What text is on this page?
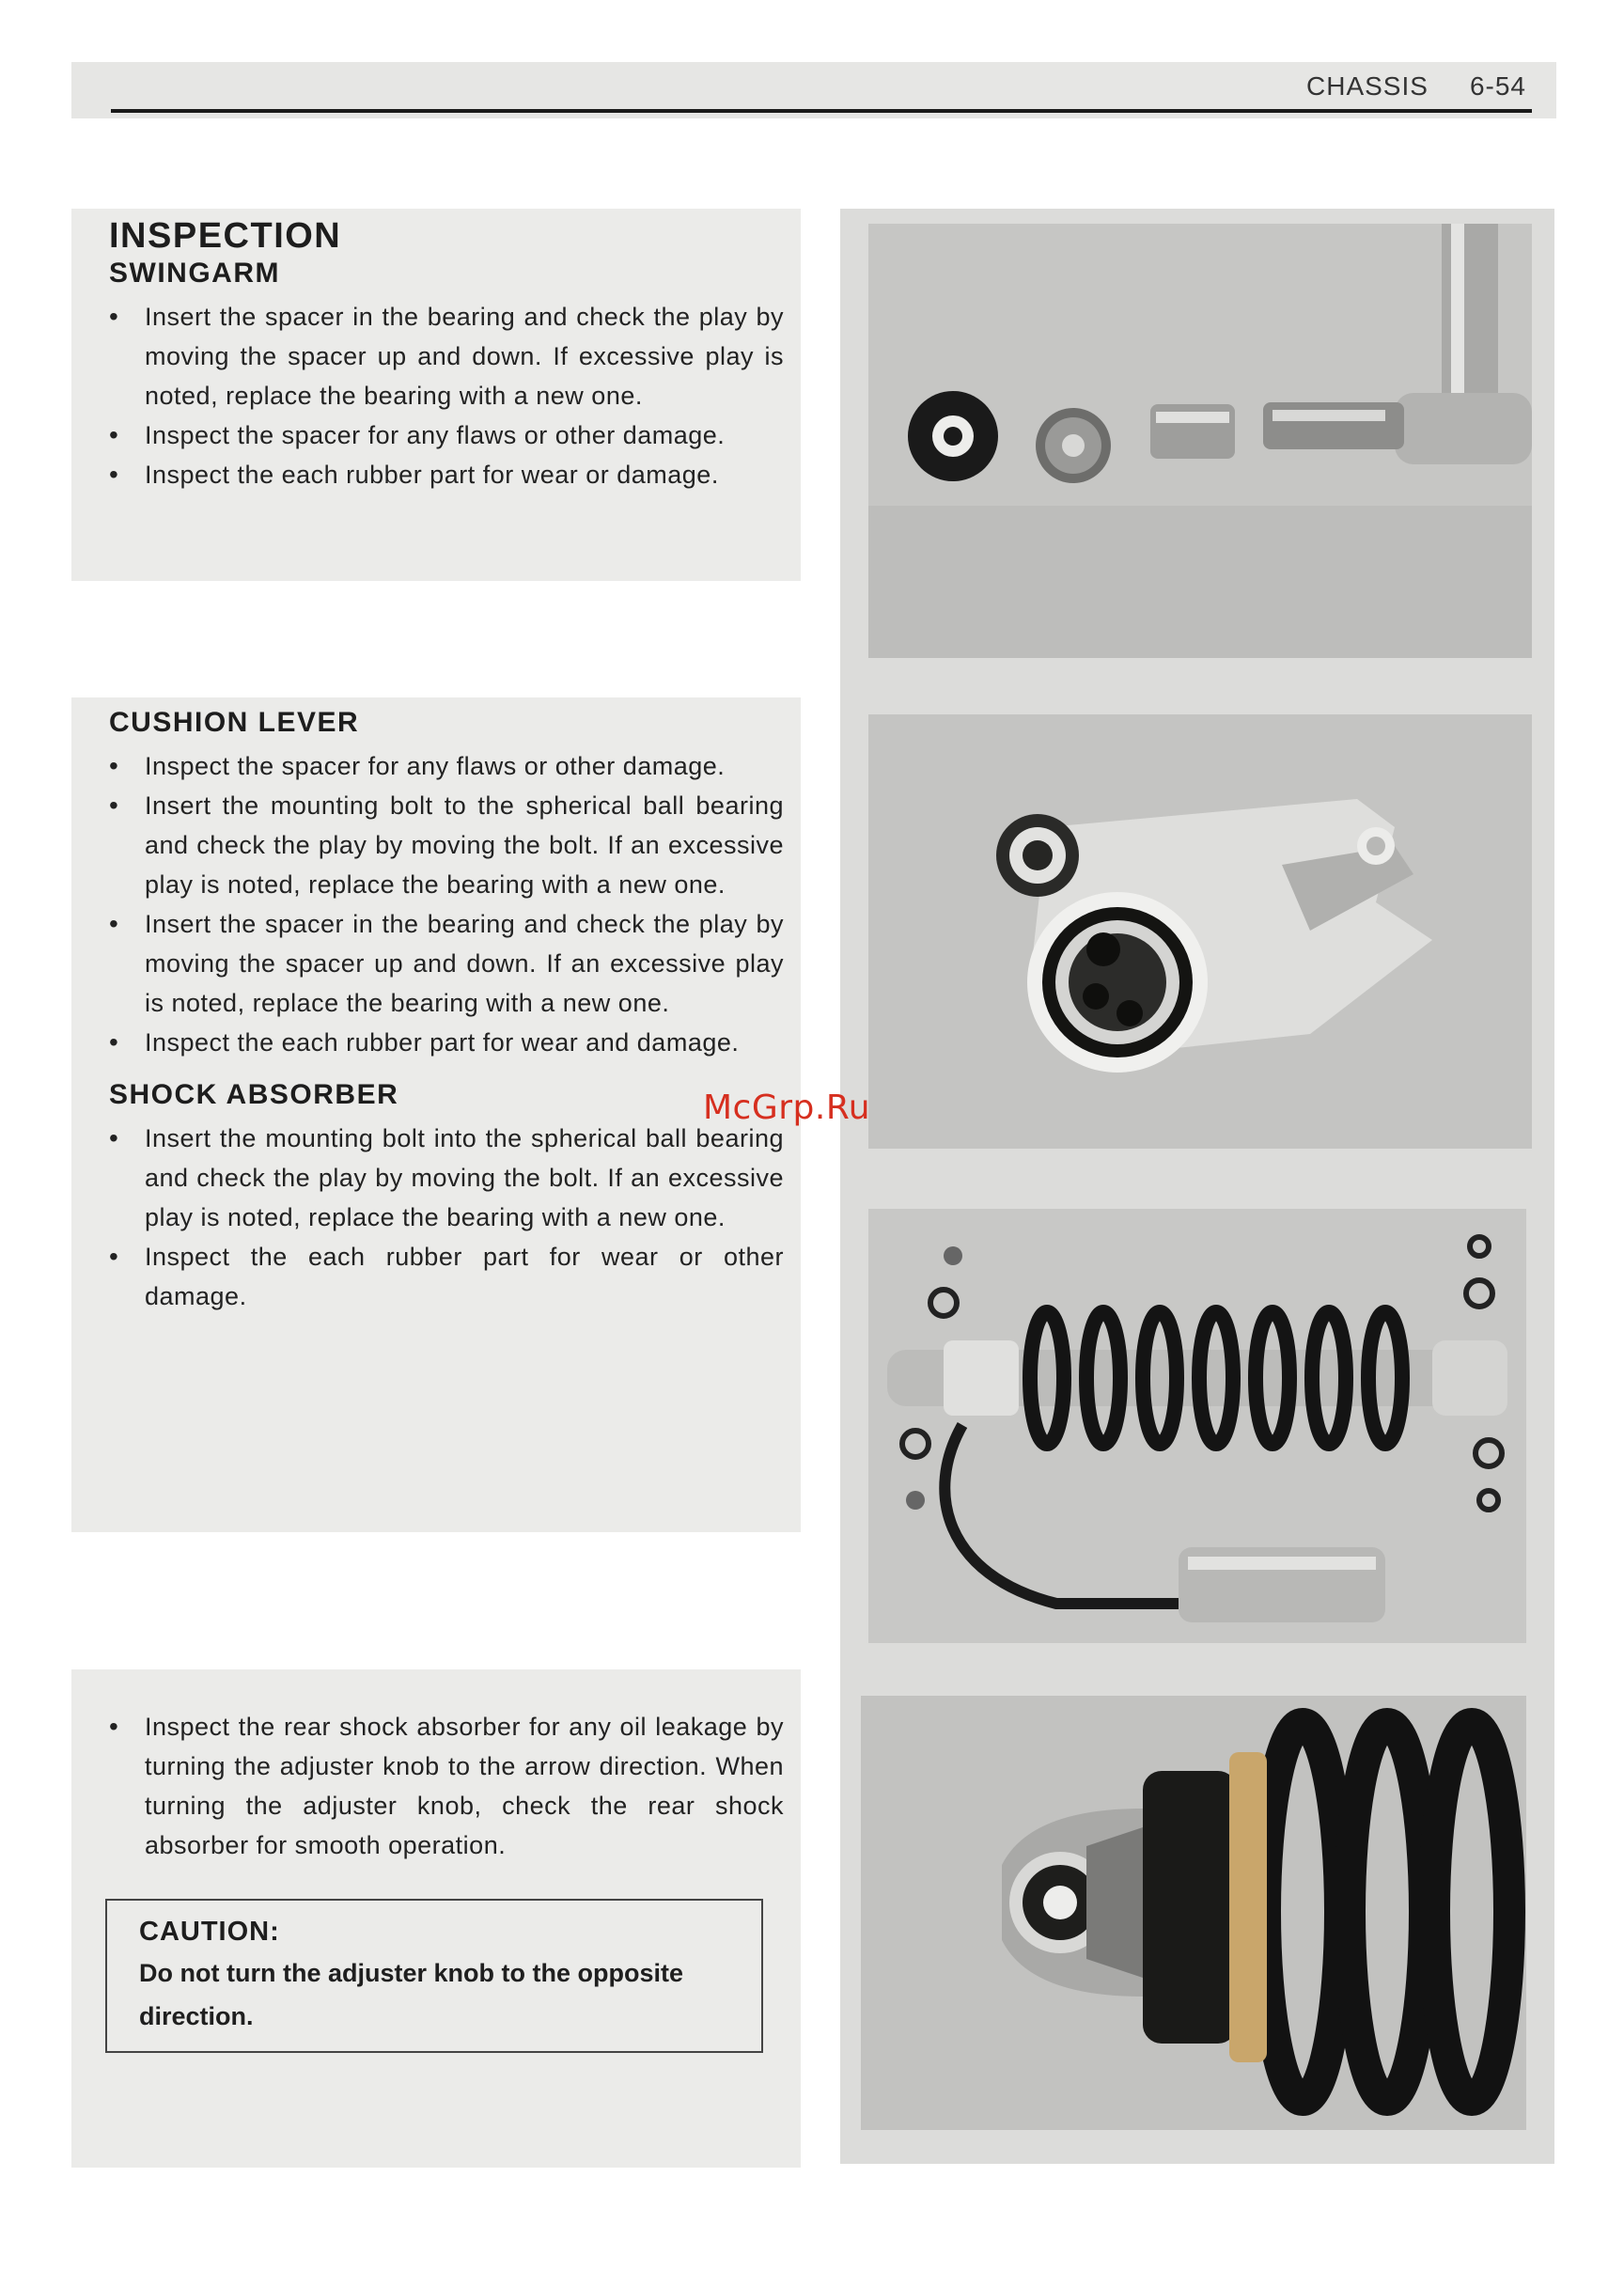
CHASSIS 6-54
INSPECTION
SWINGARM
• Insert the spacer in the bearing and check the play by moving the spacer up and down. If excessive play is noted, replace the bearing with a new one.
• Inspect the spacer for any flaws or other damage.
• Inspect the each rubber part for wear or damage.
CUSHION LEVER
• Inspect the spacer for any flaws or other damage.
• Insert the mounting bolt to the spherical ball bearing and check the play by moving the bolt. If an excessive play is noted, replace the bearing with a new one.
• Insert the spacer in the bearing and check the play by moving the spacer up and down. If an excessive play is noted, replace the bearing with a new one.
• Inspect the each rubber part for wear and damage.
SHOCK ABSORBER
• Insert the mounting bolt into the spherical ball bearing and check the play by moving the bolt. If an excessive play is noted, replace the bearing with a new one.
• Inspect the each rubber part for wear or other damage.
• Inspect the rear shock absorber for any oil leakage by turning the adjuster knob to the arrow direction. When turning the adjuster knob, check the rear shock absorber for smooth operation.
CAUTION:
Do not turn the adjuster knob to the opposite direction.
McGrp.Ru
